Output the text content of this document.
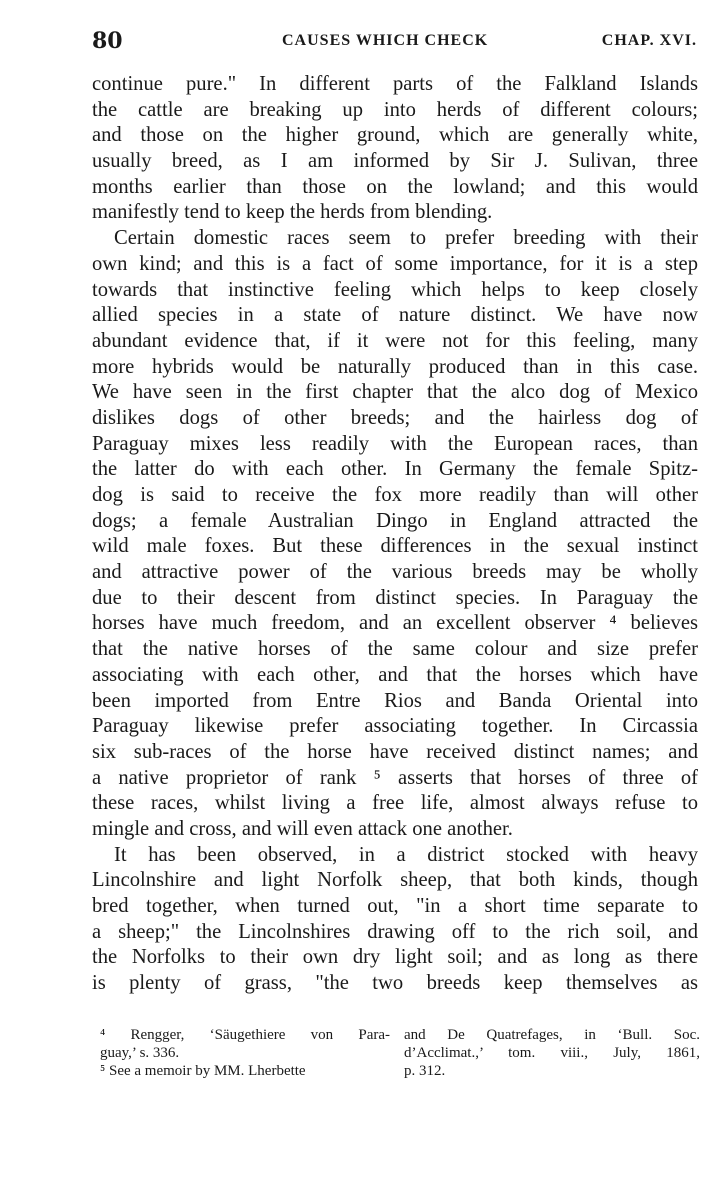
80	CAUSES WHICH CHECK	CHAP. XVI.
continue pure." In different parts of the Falkland Islands
the cattle are breaking up into herds of different colours;
and those on the higher ground, which are generally white,
usually breed, as I am informed by Sir J. Sulivan, three
months earlier than those on the lowland; and this would
manifestly tend to keep the herds from blending.
Certain domestic races seem to prefer breeding with their
own kind; and this is a fact of some importance, for it is a step
towards that instinctive feeling which helps to keep closely
allied species in a state of nature distinct. We have now
abundant evidence that, if it were not for this feeling, many
more hybrids would be naturally produced than in this case.
We have seen in the first chapter that the alco dog of Mexico
dislikes dogs of other breeds; and the hairless dog of
Paraguay mixes less readily with the European races, than
the latter do with each other. In Germany the female Spitz-
dog is said to receive the fox more readily than will other
dogs; a female Australian Dingo in England attracted the
wild male foxes. But these differences in the sexual instinct
and attractive power of the various breeds may be wholly
due to their descent from distinct species. In Paraguay the
horses have much freedom, and an excellent observer ⁴ believes
that the native horses of the same colour and size prefer
associating with each other, and that the horses which have
been imported from Entre Rios and Banda Oriental into
Paraguay likewise prefer associating together. In Circassia
six sub-races of the horse have received distinct names; and
a native proprietor of rank ⁵ asserts that horses of three of
these races, whilst living a free life, almost always refuse to
mingle and cross, and will even attack one another.
It has been observed, in a district stocked with heavy
Lincolnshire and light Norfolk sheep, that both kinds, though
bred together, when turned out, "in a short time separate to
a sheep;" the Lincolnshires drawing off to the rich soil, and
the Norfolks to their own dry light soil; and as long as there
is plenty of grass, "the two breeds keep themselves as
⁴ Rengger, ‘Säugethiere von Para-
guay,’ s. 336.
⁵ See a memoir by MM. Lherbette
and De Quatrefages, in ‘Bull. Soc.
d’Acclimat.,’ tom. viii., July, 1861,
p. 312.
